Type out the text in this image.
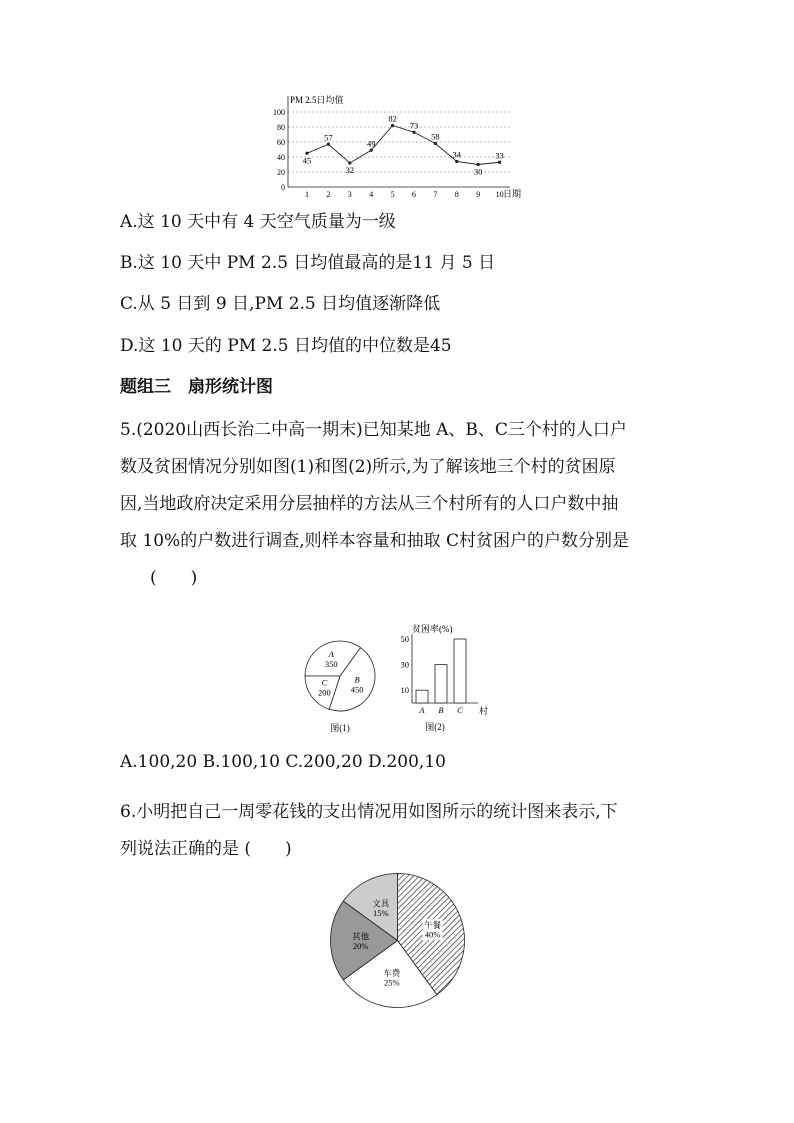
0
20
40
60
80
100
1 2 3 4 5 6 7 8 9 10
45
57
32
49
82
73
58
34
30
33
PM 2.5日均值
日期
A.这 10 天中有 4 天空气质量为一级
B.这 10 天中 PM 2.5 日均值最高的是11 月 5 日
C.从 5 日到 9 日,PM 2.5 日均值逐渐降低
D.这 10 天的 PM 2.5 日均值的中位数是45
题组三　扇形统计图
5.(2020山西长治二中高一期末)已知某地 A、B、C三个村的人口户
数及贫困情况分别如图(1)和图(2)所示,为了解该地三个村的贫困原
因,当地政府决定采用分层抽样的方法从三个村所有的人口户数中抽
取 10%的户数进行调查,则样本容量和抽取 C村贫困户的户数分别是
(　　)
A
350
B
450
C
200
图(1)
10
30
50
A B C
贫困率(%)
村
图(2)
A.100,20 B.100,10 C.200,20 D.200,10
6.小明把自己一周零花钱的支出情况用如图所示的统计图来表示,下
列说法正确的是 (　　)
午餐
40%
车费
25%
其他
20%
文具
15%
